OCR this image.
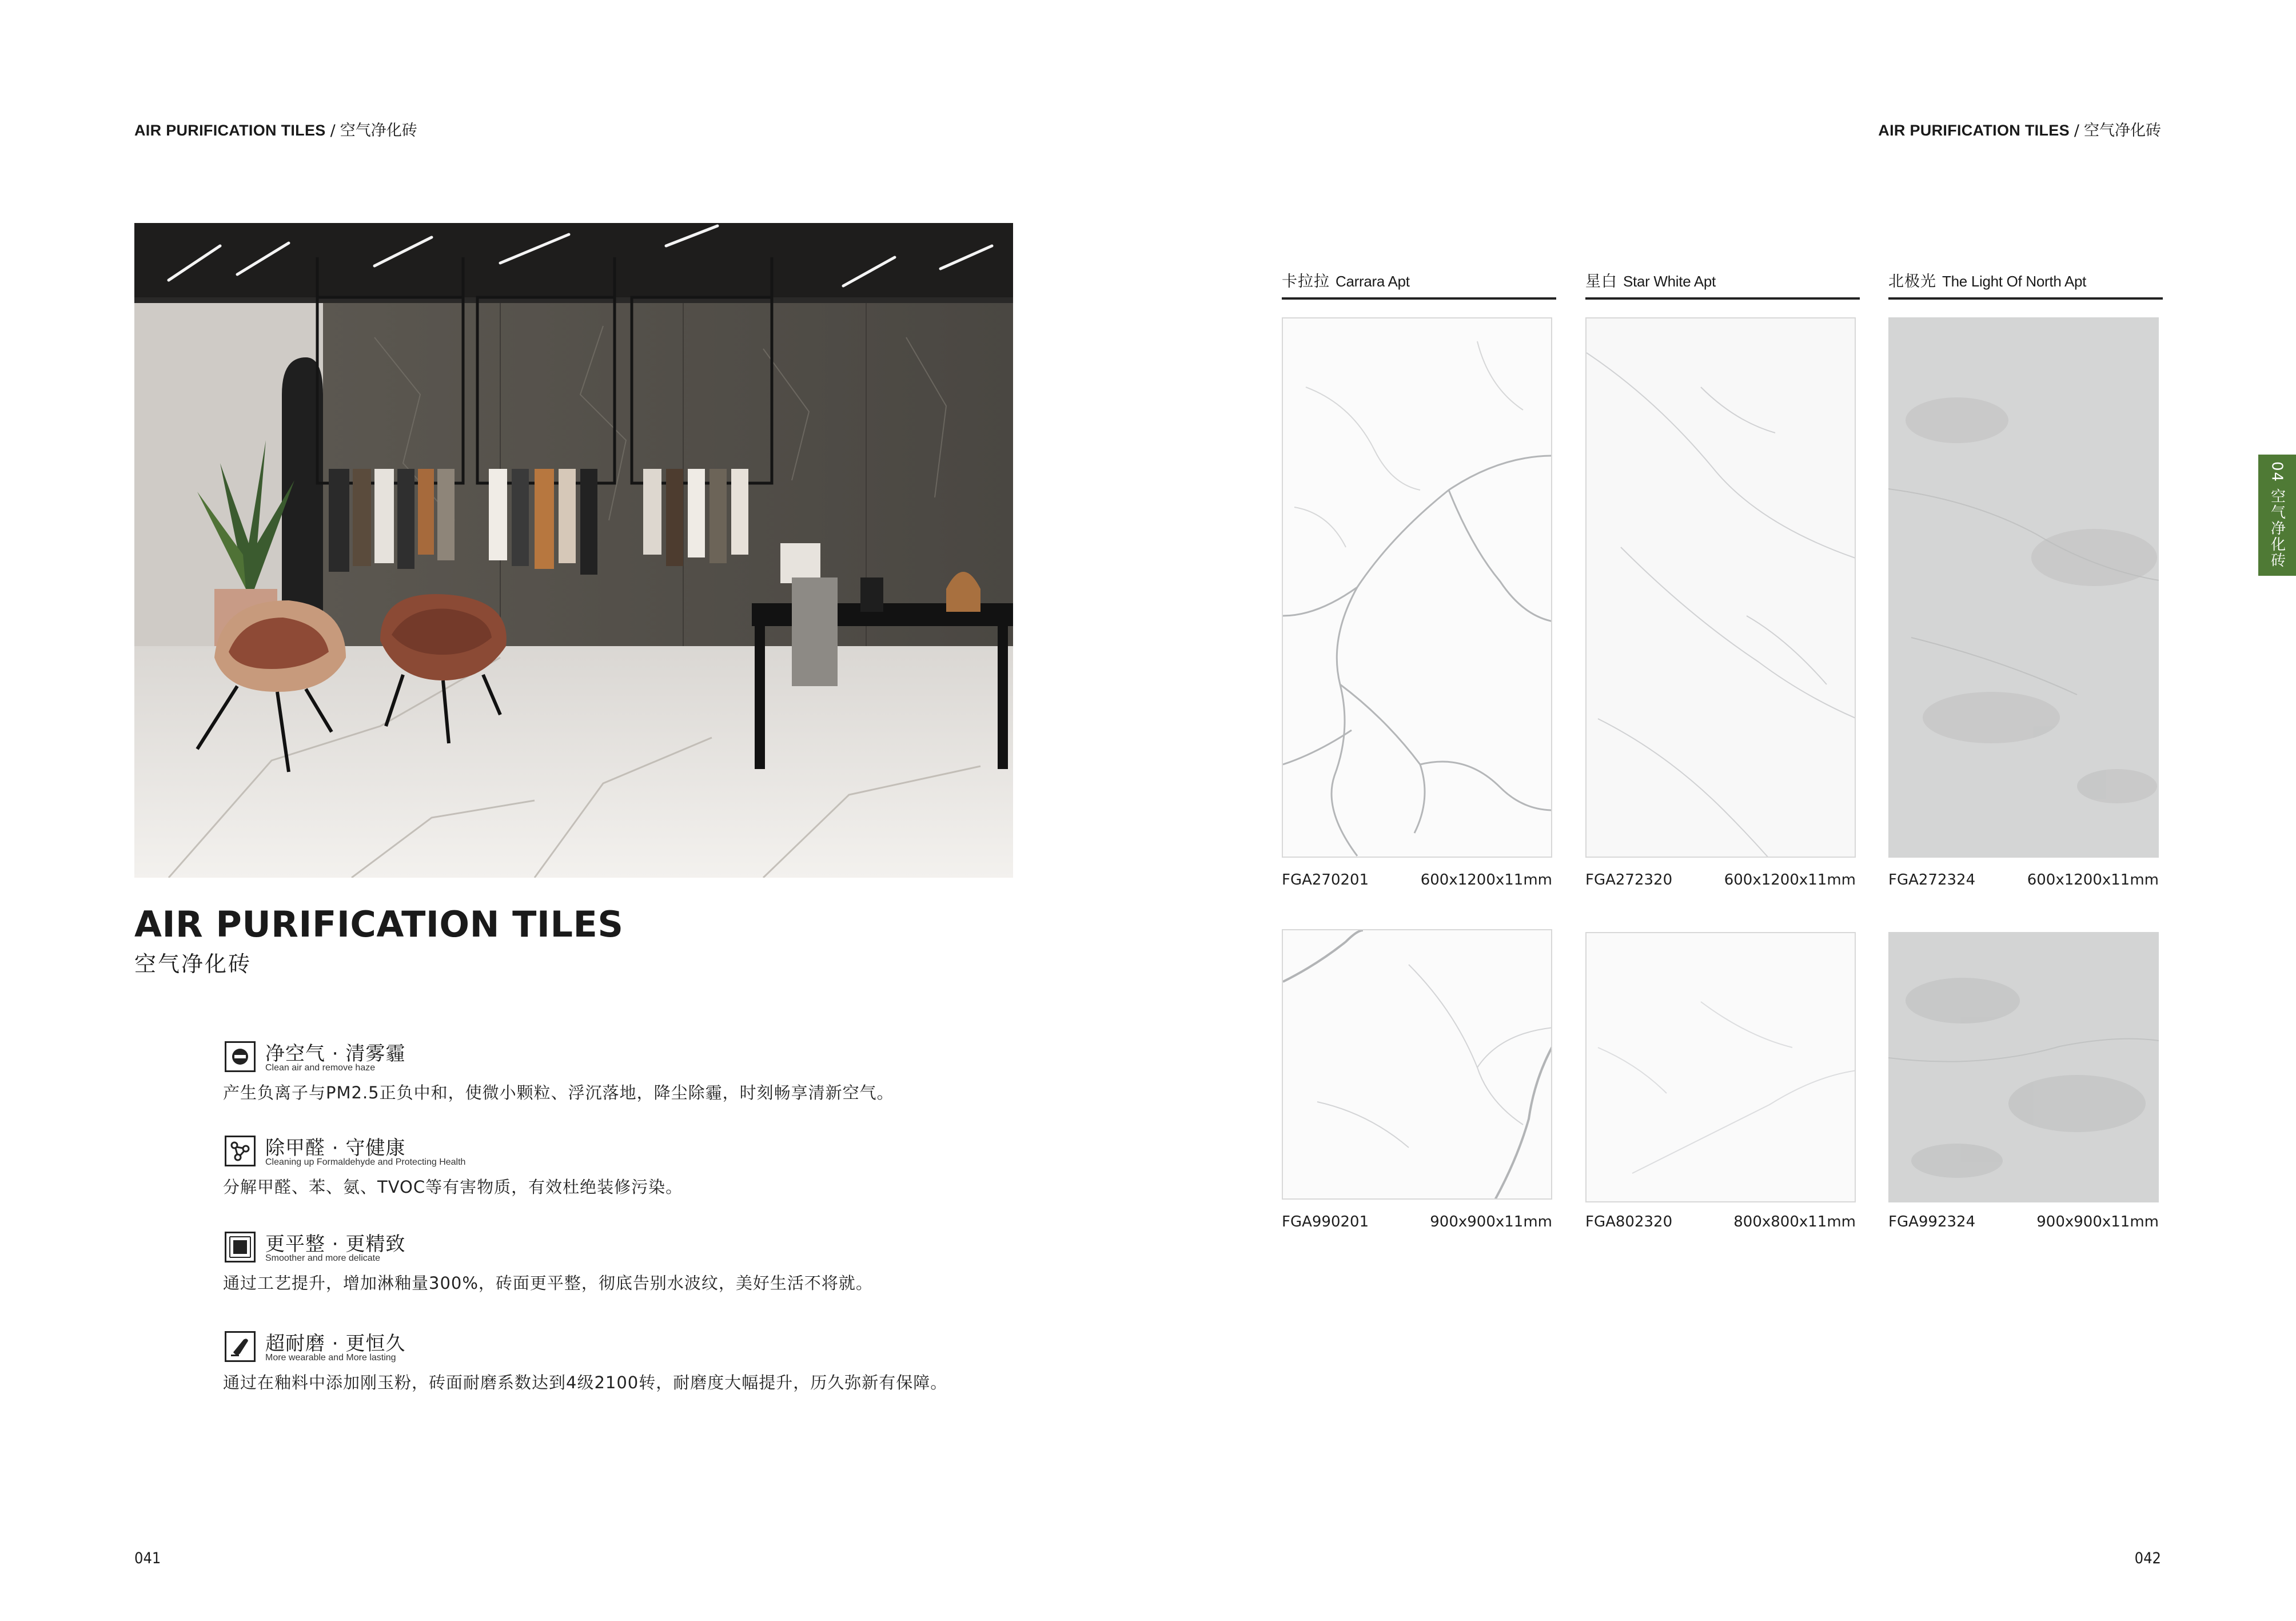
AIR PURIFICATION TILES / 空气净化砖	AIR PURIFICATION TILES / 空气净化砖
AIR PURIFICATION TILES
空气净化砖
净空气 · 清雾霾
Clean air and remove haze
产生负离子与PM2.5正负中和，使微小颗粒、浮沉落地，降尘除霾，时刻畅享清新空气。
除甲醛 · 守健康
Cleaning up Formaldehyde and Protecting Health
分解甲醛、苯、氨、TVOC等有害物质，有效杜绝装修污染。
更平整 · 更精致
Smoother and more delicate
通过工艺提升，增加淋釉量300%，砖面更平整，彻底告别水波纹，美好生活不将就。
超耐磨 · 更恒久
More wearable and More lasting
通过在釉料中添加刚玉粉，砖面耐磨系数达到4级2100转，耐磨度大幅提升，历久弥新有保障。
041	042
卡拉拉 Carrara Apt	星白 Star White Apt	北极光 The Light Of North Apt
FGA270201	600x1200x11mm FGA272320	600x1200x11mm FGA272324	600x1200x11mm
FGA990201	900x900x11mm FGA802320	800x800x11mm FGA992324	900x900x11mm
04 空气净化砖
